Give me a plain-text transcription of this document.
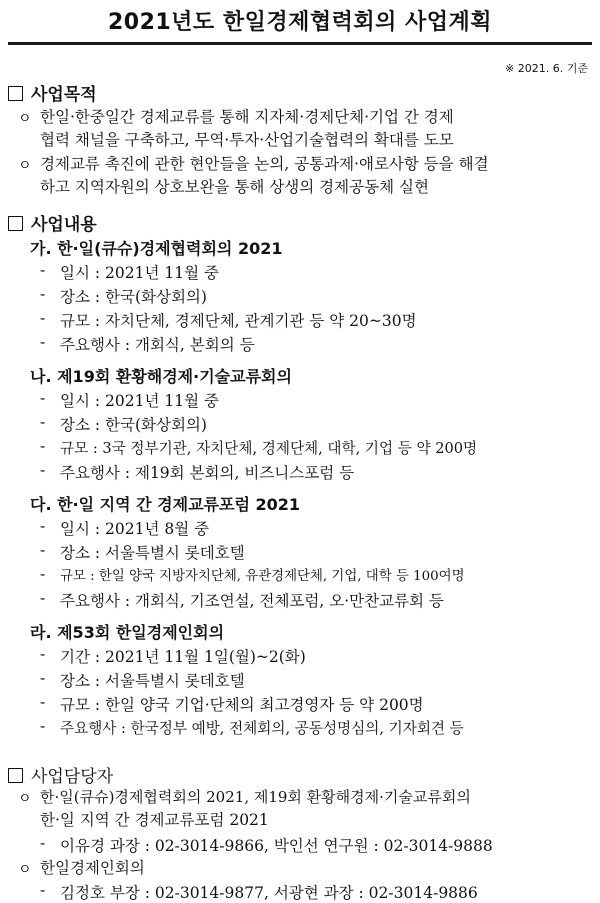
2021년도 한일경제협력회의 사업계획
※ 2021. 6. 기준
사업목적
ㅇ 한일·한중일간 경제교류를 통해 지자체·경제단체·기업 간 경제
협력 채널을 구축하고, 무역·투자·산업기술협력의 확대를 도모
ㅇ 경제교류 촉진에 관한 현안들을 논의, 공통과제·애로사항 등을 해결
하고 지역자원의 상호보완을 통해 상생의 경제공동체 실현
사업내용
가. 한·일(큐슈)경제협력회의 2021
- 일시 : 2021년 11월 중
- 장소 : 한국(화상회의)
- 규모 : 자치단체, 경제단체, 관계기관 등 약 20~30명
- 주요행사 : 개회식, 본회의 등
나. 제19회 환황해경제·기술교류회의
- 일시 : 2021년 11월 중
- 장소 : 한국(화상회의)
- 규모 : 3국 정부기관, 자치단체, 경제단체, 대학, 기업 등 약 200명
- 주요행사 : 제19회 본회의, 비즈니스포럼 등
다. 한·일 지역 간 경제교류포럼 2021
- 일시 : 2021년 8월 중
- 장소 : 서울특별시 롯데호텔
- 규모 : 한일 양국 지방자치단체, 유관경제단체, 기업, 대학 등 100여명
- 주요행사 : 개회식, 기조연설, 전체포럼, 오·만찬교류회 등
라. 제53회 한일경제인회의
- 기간 : 2021년 11월 1일(월)~2(화)
- 장소 : 서울특별시 롯데호텔
- 규모 : 한일 양국 기업·단체의 최고경영자 등 약 200명
- 주요행사 : 한국정부 예방, 전체회의, 공동성명심의, 기자회견 등
사업담당자
ㅇ 한·일(큐슈)경제협력회의 2021, 제19회 환황해경제·기술교류회의
한·일 지역 간 경제교류포럼 2021
- 이유경 과장 : 02-3014-9866, 박인선 연구원 : 02-3014-9888
ㅇ 한일경제인회의
- 김정호 부장 : 02-3014-9877, 서광현 과장 : 02-3014-9886
